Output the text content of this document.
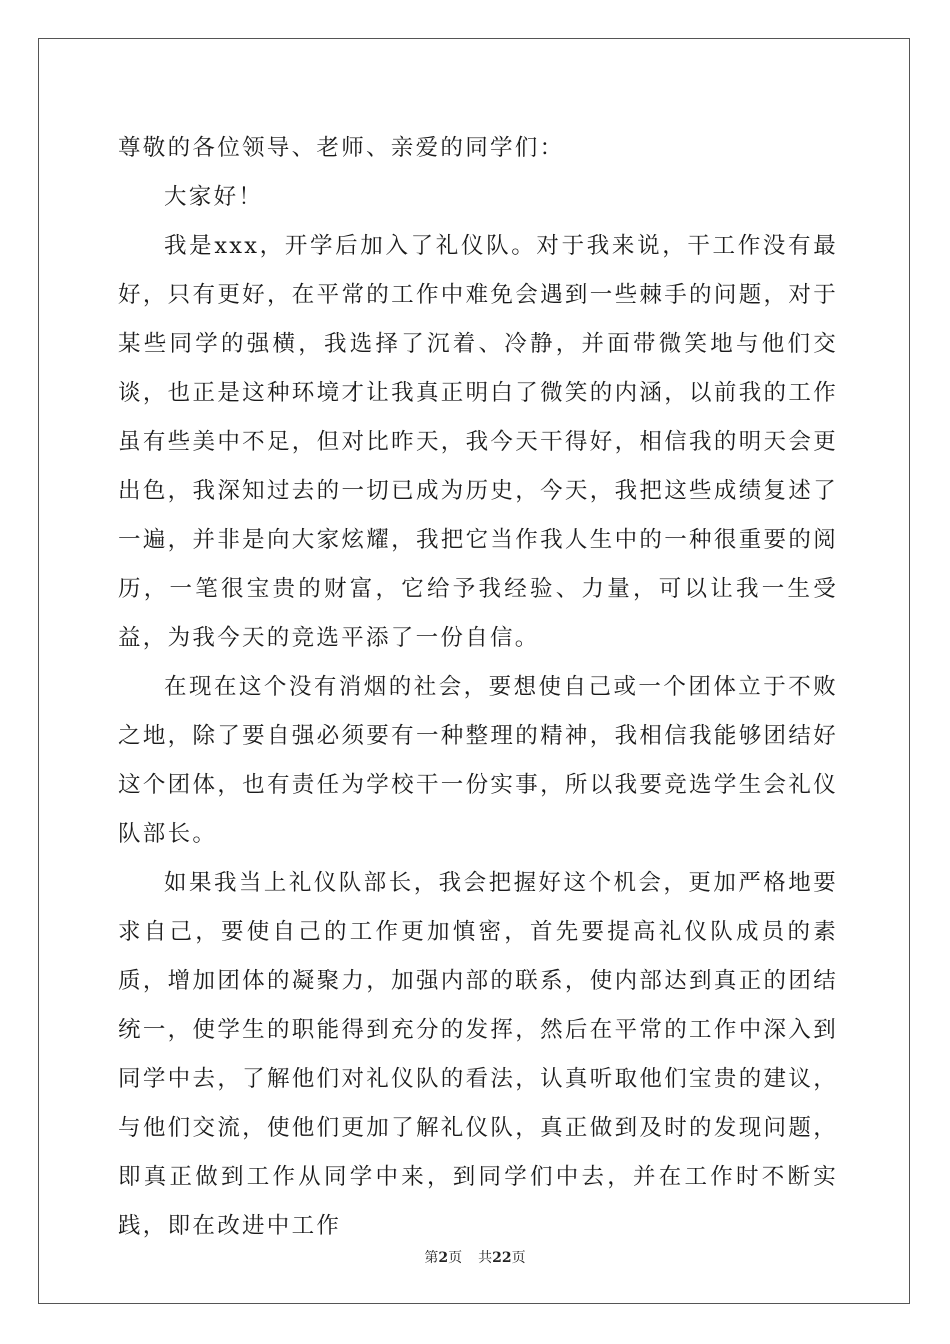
尊敬的各位领导、老师、亲爱的同学们：

大家好！

我是xxx，开学后加入了礼仪队。对于我来说，干工作没有最好，只有更好，在平常的工作中难免会遇到一些棘手的问题，对于某些同学的强横，我选择了沉着、冷静，并面带微笑地与他们交谈，也正是这种环境才让我真正明白了微笑的内涵，以前我的工作虽有些美中不足，但对比昨天，我今天干得好，相信我的明天会更出色，我深知过去的一切已成为历史，今天，我把这些成绩复述了一遍，并非是向大家炫耀，我把它当作我人生中的一种很重要的阅历，一笔很宝贵的财富，它给予我经验、力量，可以让我一生受益，为我今天的竞选平添了一份自信。

在现在这个没有消烟的社会，要想使自己或一个团体立于不败之地，除了要自强必须要有一种整理的精神，我相信我能够团结好这个团体，也有责任为学校干一份实事，所以我要竞选学生会礼仪队部长。

如果我当上礼仪队部长，我会把握好这个机会，更加严格地要求自己，要使自己的工作更加慎密，首先要提高礼仪队成员的素质，增加团体的凝聚力，加强内部的联系，使内部达到真正的团结统一，使学生的职能得到充分的发挥，然后在平常的工作中深入到同学中去，了解他们对礼仪队的看法，认真听取他们宝贵的建议，与他们交流，使他们更加了解礼仪队，真正做到及时的发现问题，即真正做到工作从同学中来，到同学们中去，并在工作时不断实践，即在改进中工作

第2页 共22页
